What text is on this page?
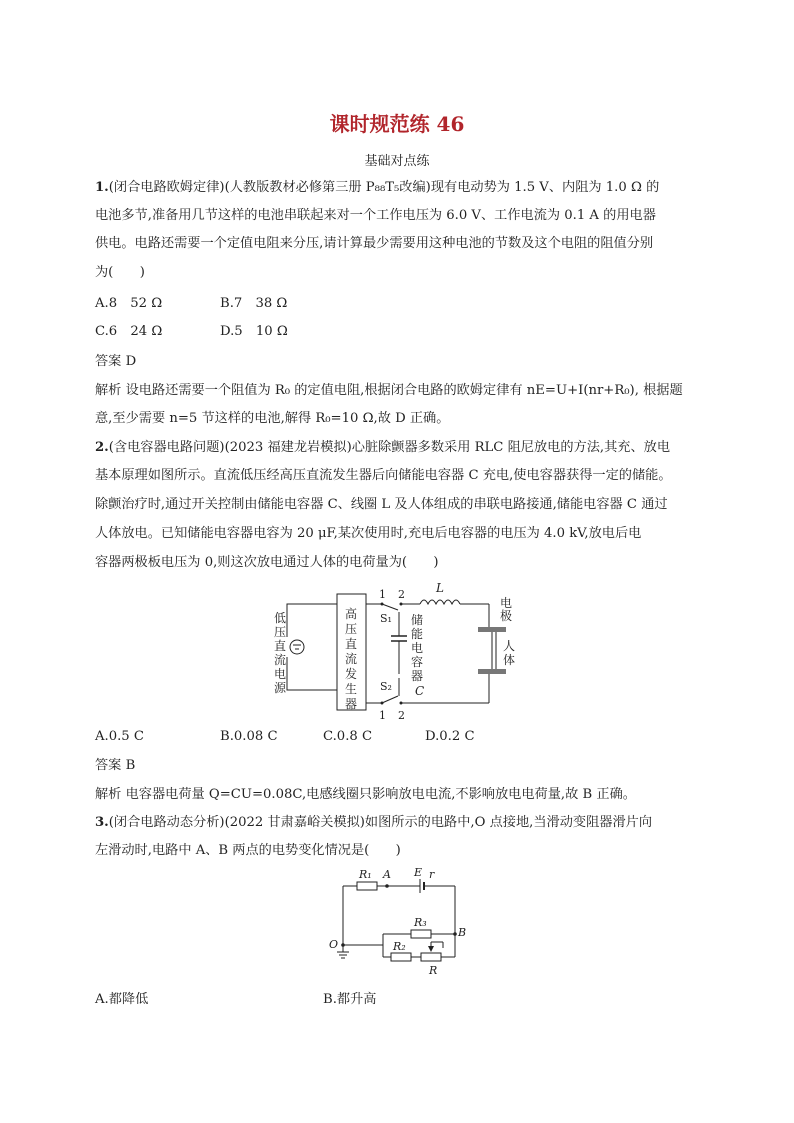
课时规范练 46
基础对点练
1.(闭合电路欧姆定律)(人教版教材必修第三册 P₈₈T₅改编)现有电动势为 1.5 V、内阻为 1.0 Ω 的
电池多节,准备用几节这样的电池串联起来对一个工作电压为 6.0 V、工作电流为 0.1 A 的用电器
供电。电路还需要一个定值电阻来分压,请计算最少需要用这种电池的节数及这个电阻的阻值分别
为(　　)
A.8　52 Ω	B.7　38 Ω
C.6　24 Ω	D.5　10 Ω
答案 D
解析 设电路还需要一个阻值为 R₀ 的定值电阻,根据闭合电路的欧姆定律有 nE=U+I(nr+R₀), 根据题
意,至少需要 n=5 节这样的电池,解得 R₀=10 Ω,故 D 正确。
2.(含电容器电路问题)(2023 福建龙岩模拟)心脏除颤器多数采用 RLC 阻尼放电的方法,其充、放电
基本原理如图所示。直流低压经高压直流发生器后向储能电容器 C 充电,使电容器获得一定的储能。
除颤治疗时,通过开关控制由储能电容器 C、线圈 L 及人体组成的串联电路接通,储能电容器 C 通过
人体放电。已知储能电容器电容为 20 μF,某次使用时,充电后电容器的电压为 4.0 kV,放电后电
容器两极板电压为 0,则这次放电通过人体的电荷量为(　　)
低
压
直
流
电
源
高
压
直
流
发
生
器
1 2
1 2
S₁
S₂
L
储
能
电
容
器
C
电
极
人
体
A.0.5 C	B.0.08 C	C.0.8 C	D.0.2 C
答案 B
解析 电容器电荷量 Q=CU=0.08C,电感线圈只影响放电电流,不影响放电电荷量,故 B 正确。
3.(闭合电路动态分析)(2022 甘肃嘉峪关模拟)如图所示的电路中,O 点接地,当滑动变阻器滑片向
左滑动时,电路中 A、B 两点的电势变化情况是(　　)
R₁ A E r
R₃
B
O	R₂
R
A.都降低	B.都升高
